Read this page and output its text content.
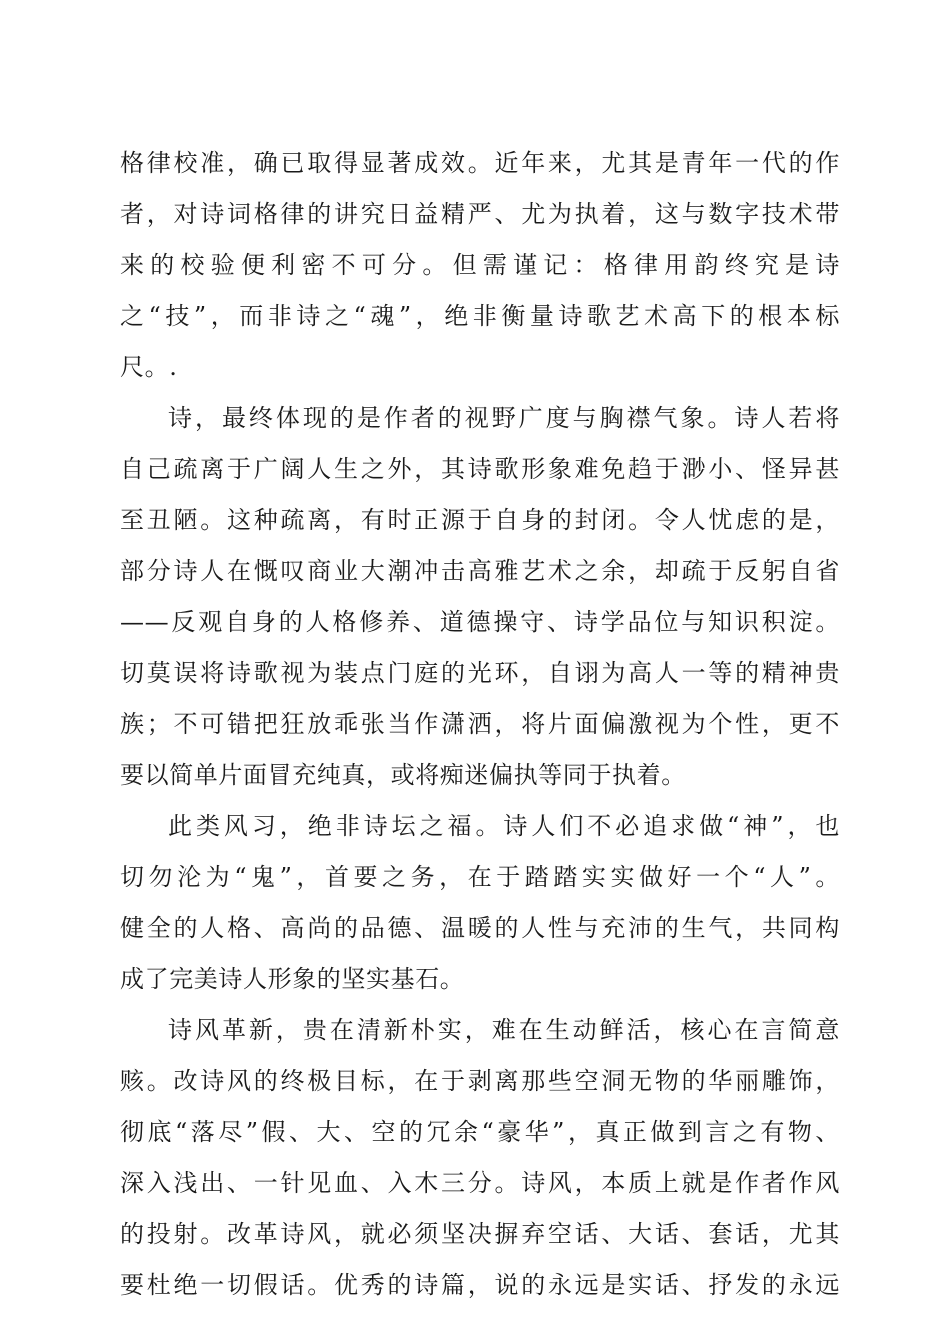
格律校准，确已取得显著成效。近年来，尤其是青年一代的作
者，对诗词格律的讲究日益精严、尤为执着，这与数字技术带
来的校验便利密不可分。但需谨记：格律用韵终究是诗
之“技”，而非诗之“魂”，绝非衡量诗歌艺术高下的根本标
尺。.
诗，最终体现的是作者的视野广度与胸襟气象。诗人若将
自己疏离于广阔人生之外，其诗歌形象难免趋于渺小、怪异甚
至丑陋。这种疏离，有时正源于自身的封闭。令人忧虑的是，
部分诗人在慨叹商业大潮冲击高雅艺术之余，却疏于反躬自省
——反观自身的人格修养、道德操守、诗学品位与知识积淀。
切莫误将诗歌视为装点门庭的光环，自诩为高人一等的精神贵
族；不可错把狂放乖张当作潇洒，将片面偏激视为个性，更不
要以简单片面冒充纯真，或将痴迷偏执等同于执着。
此类风习，绝非诗坛之福。诗人们不必追求做“神”，也
切勿沦为“鬼”，首要之务，在于踏踏实实做好一个“人”。
健全的人格、高尚的品德、温暖的人性与充沛的生气，共同构
成了完美诗人形象的坚实基石。
诗风革新，贵在清新朴实，难在生动鲜活，核心在言简意
赅。改诗风的终极目标，在于剥离那些空洞无物的华丽雕饰，
彻底“落尽”假、大、空的冗余“豪华”，真正做到言之有物、
深入浅出、一针见血、入木三分。诗风，本质上就是作者作风
的投射。改革诗风，就必须坚决摒弃空话、大话、套话，尤其
要杜绝一切假话。优秀的诗篇，说的永远是实话、抒发的永远
